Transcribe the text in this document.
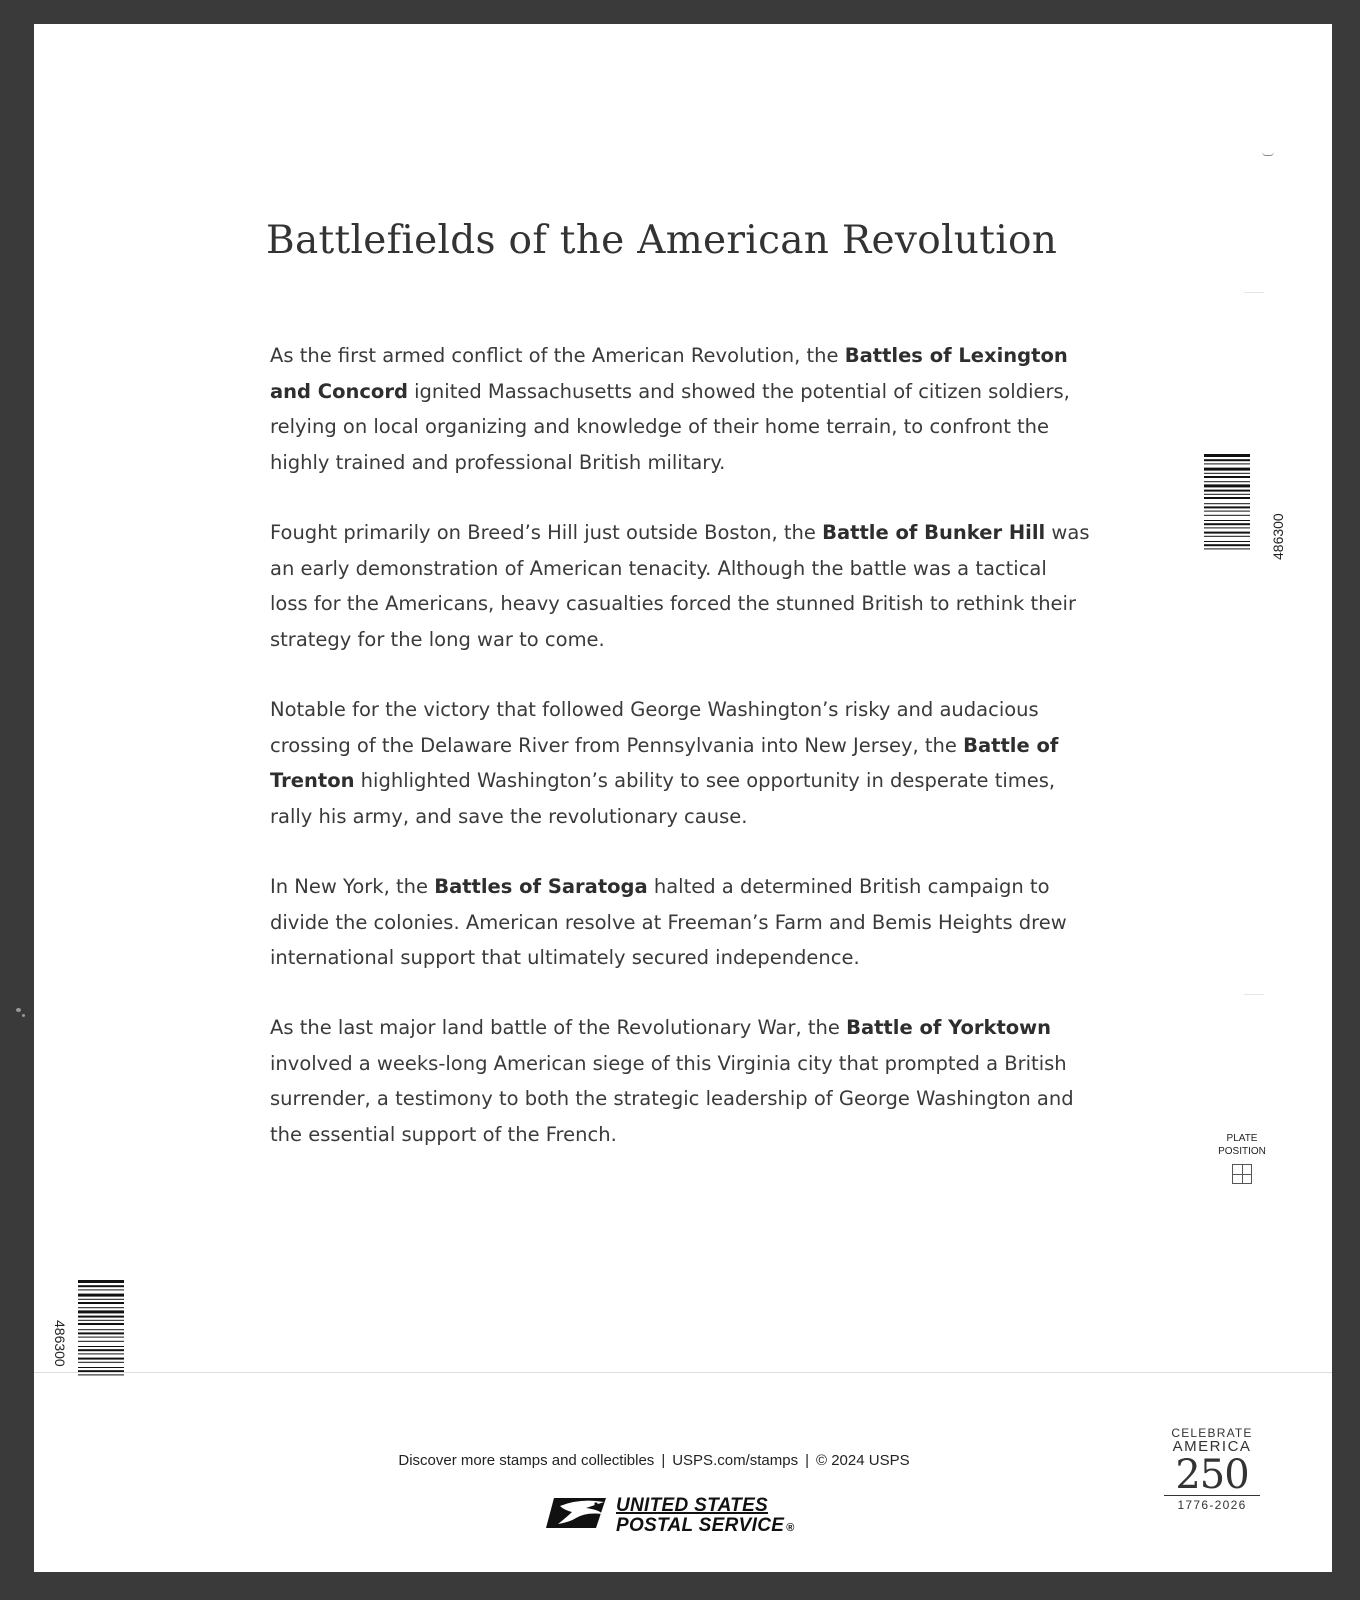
Battlefields of the American Revolution

As the first armed conflict of the American Revolution, the Battles of Lexington and Concord ignited Massachusetts and showed the potential of citizen soldiers, relying on local organizing and knowledge of their home terrain, to confront the highly trained and professional British military.

Fought primarily on Breed’s Hill just outside Boston, the Battle of Bunker Hill was an early demonstration of American tenacity. Although the battle was a tactical loss for the Americans, heavy casualties forced the stunned British to rethink their strategy for the long war to come.

Notable for the victory that followed George Washington’s risky and audacious crossing of the Delaware River from Pennsylvania into New Jersey, the Battle of Trenton highlighted Washington’s ability to see opportunity in desperate times, rally his army, and save the revolutionary cause.

In New York, the Battles of Saratoga halted a determined British campaign to divide the colonies. American resolve at Freeman’s Farm and Bemis Heights drew international support that ultimately secured independence.

As the last major land battle of the Revolutionary War, the Battle of Yorktown involved a weeks-long American siege of this Virginia city that prompted a British surrender, a testimony to both the strategic leadership of George Washington and the essential support of the French.

486300
486300
PLATE
POSITION
Discover more stamps and collectibles | USPS.com/stamps | © 2024 USPS
UNITED STATES
POSTAL SERVICE ®
CELEBRATE
AMERICA
250
1776-2026
